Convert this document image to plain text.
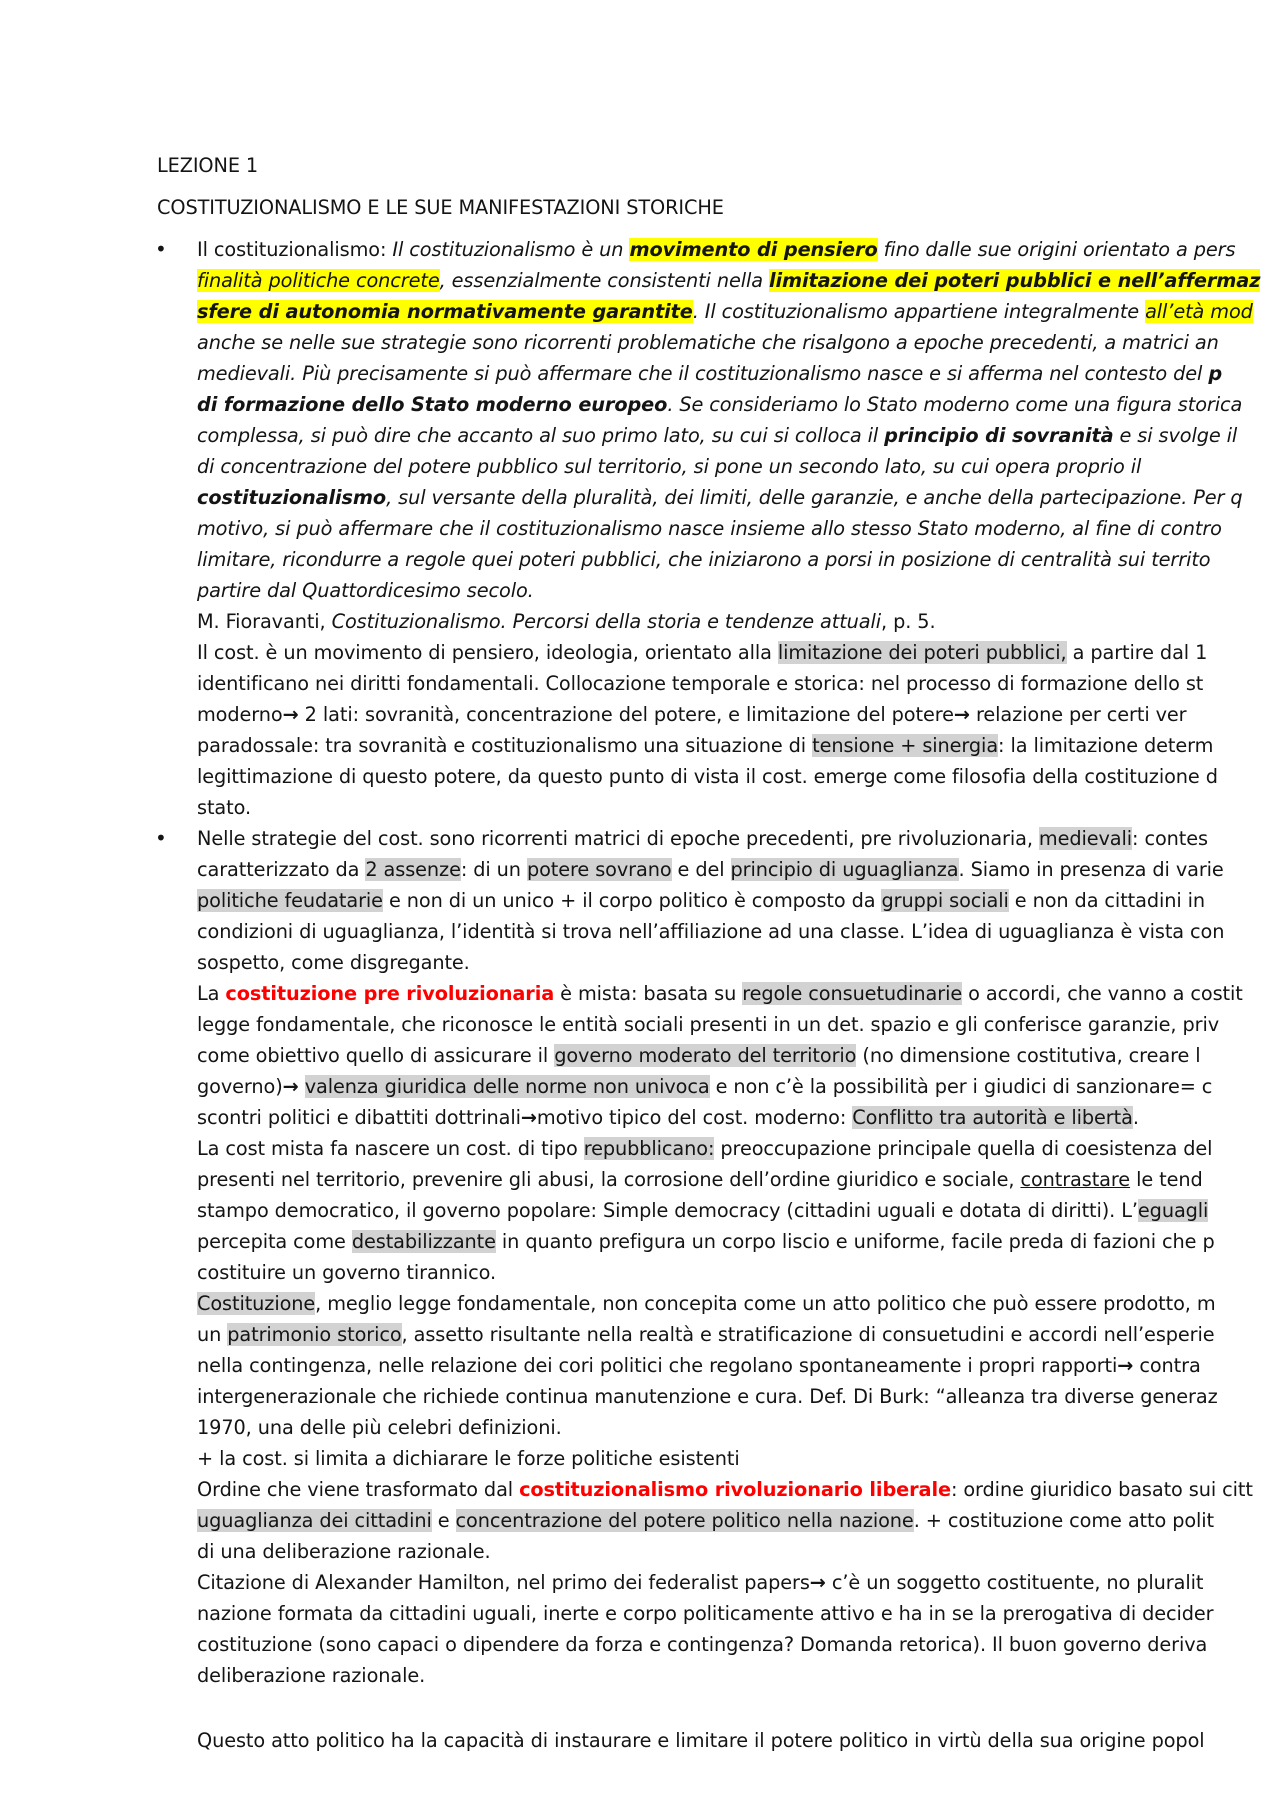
LEZIONE 1
COSTITUZIONALISMO E LE SUE MANIFESTAZIONI STORICHE
• Il costituzionalismo: Il costituzionalismo è un movimento di pensiero fino dalle sue origini orientato a pers
finalità politiche concrete, essenzialmente consistenti nella limitazione dei poteri pubblici e nell’affermaz
sfere di autonomia normativamente garantite. Il costituzionalismo appartiene integralmente all’età mod
anche se nelle sue strategie sono ricorrenti problematiche che risalgono a epoche precedenti, a matrici an
medievali. Più precisamente si può affermare che il costituzionalismo nasce e si afferma nel contesto del p
di formazione dello Stato moderno europeo. Se consideriamo lo Stato moderno come una figura storica
complessa, si può dire che accanto al suo primo lato, su cui si colloca il principio di sovranità e si svolge il
di concentrazione del potere pubblico sul territorio, si pone un secondo lato, su cui opera proprio il
costituzionalismo, sul versante della pluralità, dei limiti, delle garanzie, e anche della partecipazione. Per q
motivo, si può affermare che il costituzionalismo nasce insieme allo stesso Stato moderno, al fine di contro
limitare, ricondurre a regole quei poteri pubblici, che iniziarono a porsi in posizione di centralità sui territo
partire dal Quattordicesimo secolo.
M. Fioravanti, Costituzionalismo. Percorsi della storia e tendenze attuali, p. 5.
Il cost. è un movimento di pensiero, ideologia, orientato alla limitazione dei poteri pubblici, a partire dal 1
identificano nei diritti fondamentali. Collocazione temporale e storica: nel processo di formazione dello st
moderno→ 2 lati: sovranità, concentrazione del potere, e limitazione del potere→ relazione per certi ver
paradossale: tra sovranità e costituzionalismo una situazione di tensione + sinergia: la limitazione determ
legittimazione di questo potere, da questo punto di vista il cost. emerge come filosofia della costituzione d
stato.
• Nelle strategie del cost. sono ricorrenti matrici di epoche precedenti, pre rivoluzionaria, medievali: contes
caratterizzato da 2 assenze: di un potere sovrano e del principio di uguaglianza. Siamo in presenza di varie
politiche feudatarie e non di un unico + il corpo politico è composto da gruppi sociali e non da cittadini in
condizioni di uguaglianza, l’identità si trova nell’affiliazione ad una classe. L’idea di uguaglianza è vista con
sospetto, come disgregante.
La costituzione pre rivoluzionaria è mista: basata su regole consuetudinarie o accordi, che vanno a costit
legge fondamentale, che riconosce le entità sociali presenti in un det. spazio e gli conferisce garanzie, priv
come obiettivo quello di assicurare il governo moderato del territorio (no dimensione costitutiva, creare l
governo)→ valenza giuridica delle norme non univoca e non c’è la possibilità per i giudici di sanzionare= c
scontri politici e dibattiti dottrinali→motivo tipico del cost. moderno: Conflitto tra autorità e libertà.
La cost mista fa nascere un cost. di tipo repubblicano: preoccupazione principale quella di coesistenza del
presenti nel territorio, prevenire gli abusi, la corrosione dell’ordine giuridico e sociale, contrastare le tend
stampo democratico, il governo popolare: Simple democracy (cittadini uguali e dotata di diritti). L’eguagli
percepita come destabilizzante in quanto prefigura un corpo liscio e uniforme, facile preda di fazioni che p
costituire un governo tirannico.
Costituzione, meglio legge fondamentale, non concepita come un atto politico che può essere prodotto, m
un patrimonio storico, assetto risultante nella realtà e stratificazione di consuetudini e accordi nell’esperie
nella contingenza, nelle relazione dei cori politici che regolano spontaneamente i propri rapporti→ contra
intergenerazionale che richiede continua manutenzione e cura. Def. Di Burk: “alleanza tra diverse generaz
1970, una delle più celebri definizioni.
+ la cost. si limita a dichiarare le forze politiche esistenti
Ordine che viene trasformato dal costituzionalismo rivoluzionario liberale: ordine giuridico basato sui citt
uguaglianza dei cittadini e concentrazione del potere politico nella nazione. + costituzione come atto polit
di una deliberazione razionale.
Citazione di Alexander Hamilton, nel primo dei federalist papers→ c’è un soggetto costituente, no pluralit
nazione formata da cittadini uguali, inerte e corpo politicamente attivo e ha in se la prerogativa di decider
costituzione (sono capaci o dipendere da forza e contingenza? Domanda retorica). Il buon governo deriva
deliberazione razionale.
Questo atto politico ha la capacità di instaurare e limitare il potere politico in virtù della sua origine popol
